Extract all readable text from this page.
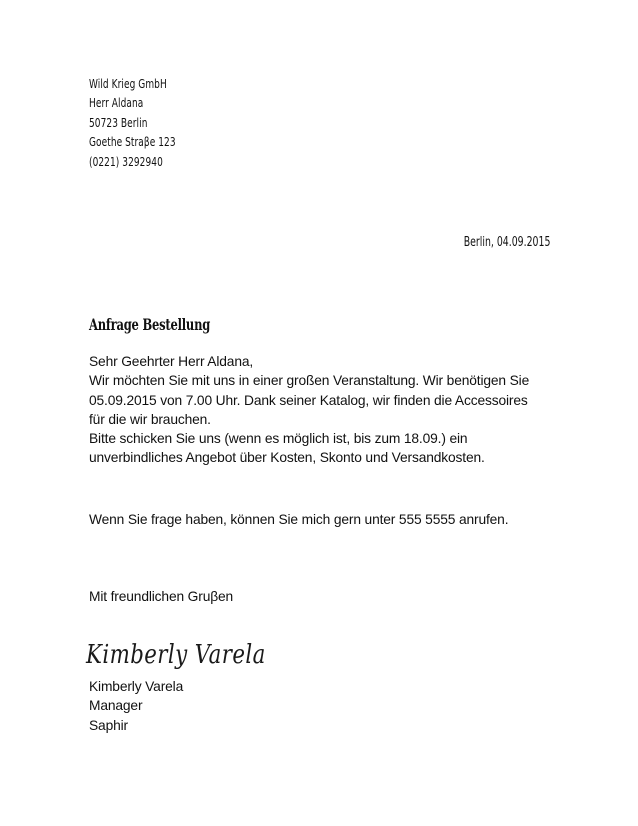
Wild Krieg GmbH
Herr Aldana
50723 Berlin
Goethe Straβe 123
(0221) 3292940
Berlin, 04.09.2015
Anfrage Bestellung
Sehr Geehrter Herr Aldana,
Wir möchten Sie mit uns in einer großen Veranstaltung. Wir benötigen Sie
05.09.2015 von 7.00 Uhr. Dank seiner Katalog, wir finden die Accessoires
für die wir brauchen.
Bitte schicken Sie uns (wenn es möglich ist, bis zum 18.09.) ein
unverbindliches Angebot über Kosten, Skonto und Versandkosten.
Wenn Sie frage haben, können Sie mich gern unter 555 5555 anrufen.
Mit freundlichen Gruβen
Kimberly Varela
Kimberly Varela
Manager
Saphir
